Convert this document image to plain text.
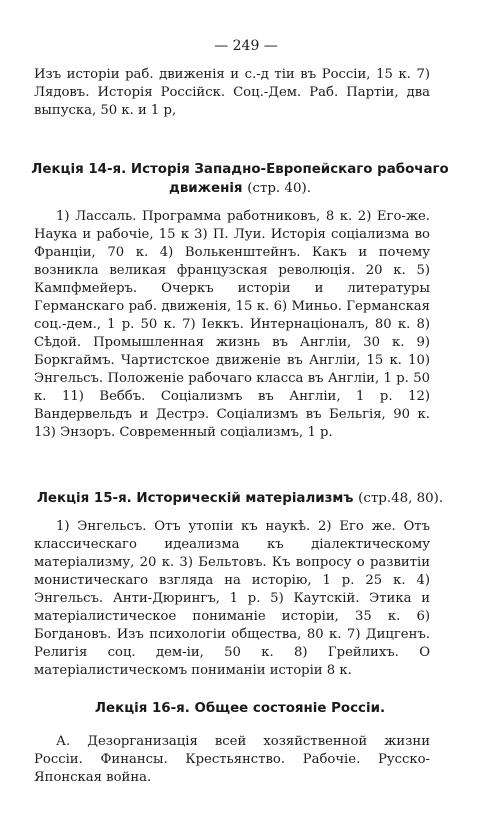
— 249 —

Изъ исторіи раб. движенія и с.-д тіи въ Россіи, 15 к. 7) Лядовъ. Исторія Россійск. Соц.-Дем. Раб. Партіи, два выпуска, 50 к. и 1 р,

Лекція 14-я. Исторія Западно-Европейскаго рабочаго движенія (стр. 40).

1) Лассаль. Программа работниковъ, 8 к. 2) Его-же. Наука и рабочіе, 15 к 3) П. Луи. Исторія соціализма во Франціи, 70 к. 4) Волькенштейнъ. Какъ и почему возникла великая французская революція. 20 к. 5) Кампфмейеръ. Очеркъ исторіи и литературы Германскаго раб. движенія, 15 к. 6) Миньо. Германская соц.-дем., 1 р. 50 к. 7) Іеккъ. Интернаціоналъ, 80 к. 8) Сѣдой. Промышленная жизнь въ Англіи, 30 к. 9) Боркгаймъ. Чартистское движеніе въ Англіи, 15 к. 10) Энгельсъ. Положеніе рабочаго класса въ Англіи, 1 р. 50 к. 11) Веббъ. Соціализмъ въ Англіи, 1 р. 12) Вандервельдъ и Дестрэ. Соціализмъ въ Бельгія, 90 к. 13) Энзоръ. Современный соціализмъ, 1 р.

Лекція 15-я. Историческій матеріализмъ (стр.48, 80).

1) Энгельсъ. Отъ утопіи къ наукѣ. 2) Его же. Отъ классическаго идеализма къ діалектическому матеріализму, 20 к. 3) Бельтовъ. Къ вопросу о развитіи монистическаго взгляда на исторію, 1 р. 25 к. 4) Энгельсъ. Анти-Дюрингъ, 1 р. 5) Каутскій. Этика и матеріалистическое пониманіе исторіи, 35 к. 6) Богдановъ. Изъ психологіи общества, 80 к. 7) Дицгенъ. Религія соц. дем-іи, 50 к. 8) Грейлихъ. О матеріалистическомъ пониманіи исторіи 8 к.

Лекція 16-я. Общее состояніе Россіи.

А. Дезорганизація всей хозяйственной жизни Россіи. Финансы. Крестьянство. Рабочіе. Русско-Японская война.
